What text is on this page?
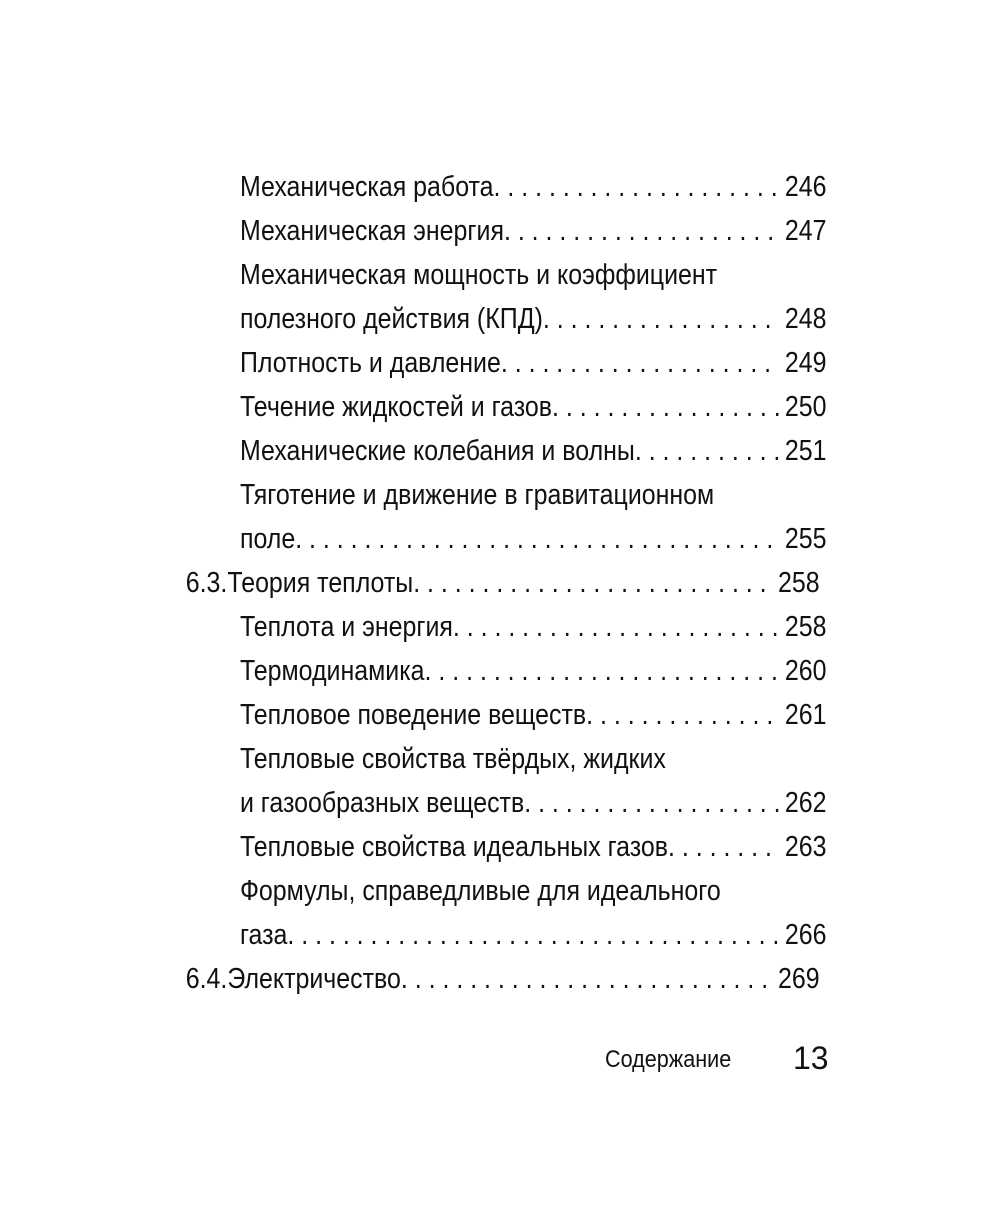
Механическая работа . . .	246
Механическая энергия . . .	247
Механическая мощность и коэффициент
полезного действия (КПД) . . .	248
Плотность и давление . . .	249
Течение жидкостей и газов . . .	250
Механические колебания и волны . . .	251
Тяготение и движение в гравитационном
поле . . .	255
6.3. Теория теплоты . . .	258
Теплота и энергия . . .	258
Термодинамика . . .	260
Тепловое поведение веществ . . .	261
Тепловые свойства твёрдых, жидких
и газообразных веществ . . .	262
Тепловые свойства идеальных газов . . .	263
Формулы, справедливые для идеального
газа . . .	266
6.4. Электричество . . .	269
Содержание 13
